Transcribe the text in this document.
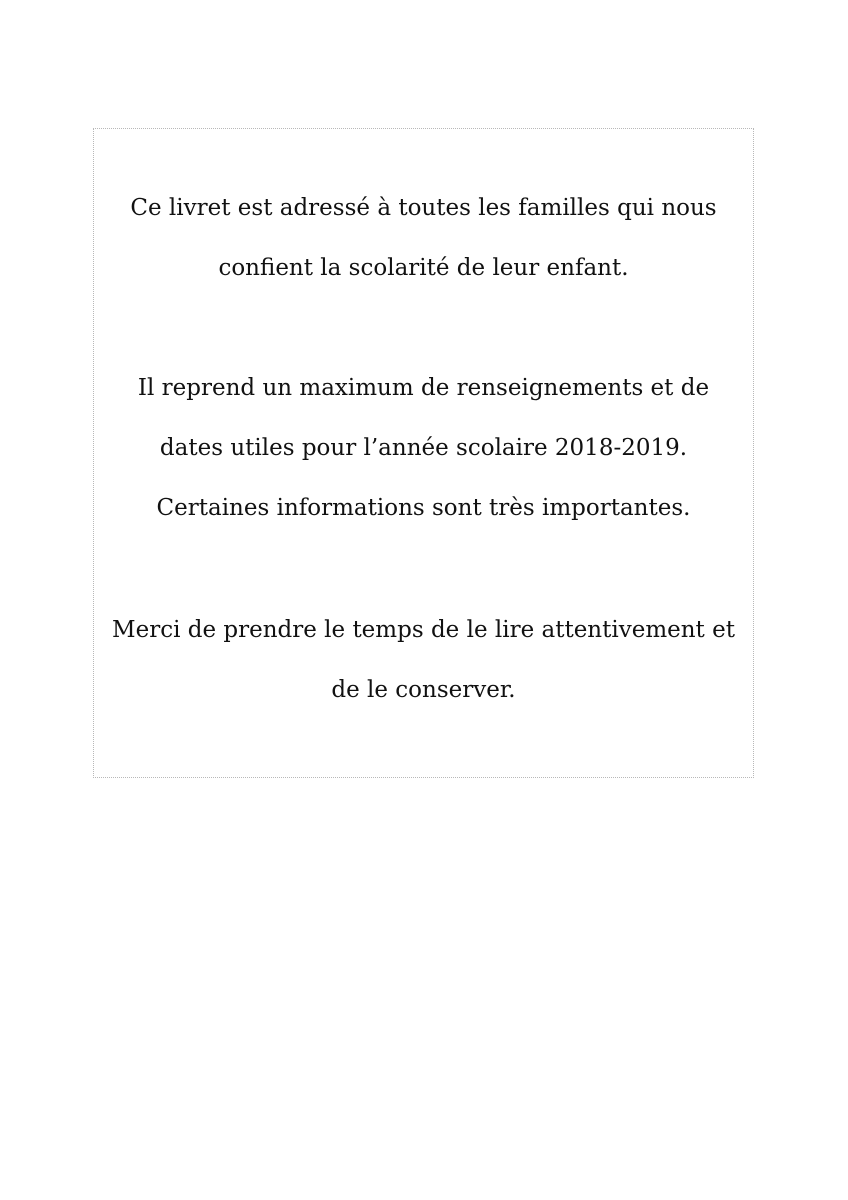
Ce livret est adressé à toutes les familles qui nous
confient la scolarité de leur enfant.
Il reprend un maximum de renseignements et de
dates utiles pour l’année scolaire 2018-2019.
Certaines informations sont très importantes.
Merci de prendre le temps de le lire attentivement et
de le conserver.
